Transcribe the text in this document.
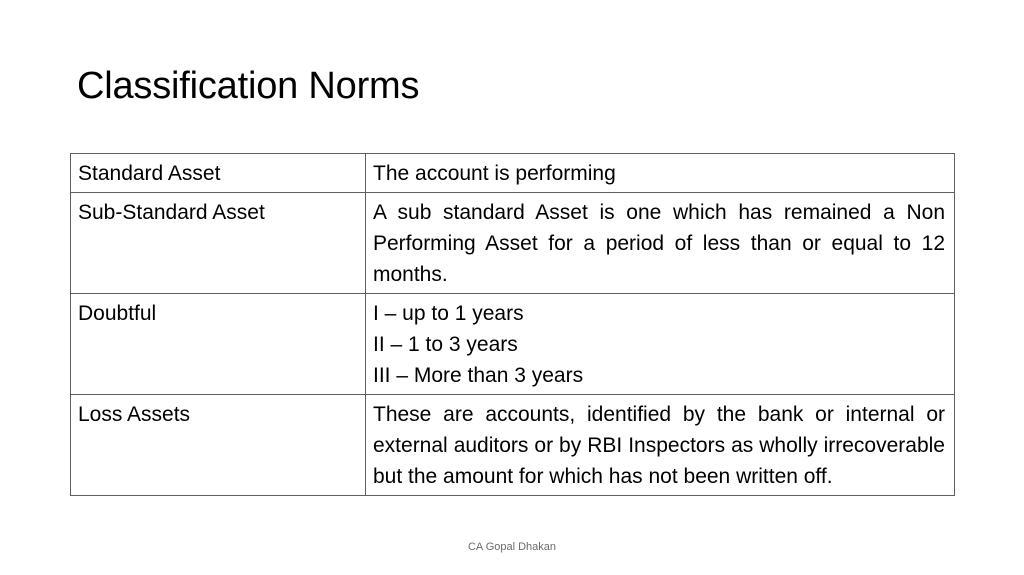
Classification Norms
Standard Asset	The account is performing
Sub-Standard Asset	A sub standard Asset is one which has remained a Non Performing Asset for a period of less than or equal to 12 months.
Doubtful	I – up to 1 years
II – 1 to 3 years
III – More than 3 years

Loss Assets	These are accounts, identified by the bank or internal or external auditors or by RBI Inspectors as wholly irrecoverable but the amount for which has not been written off.
CA Gopal Dhakan
